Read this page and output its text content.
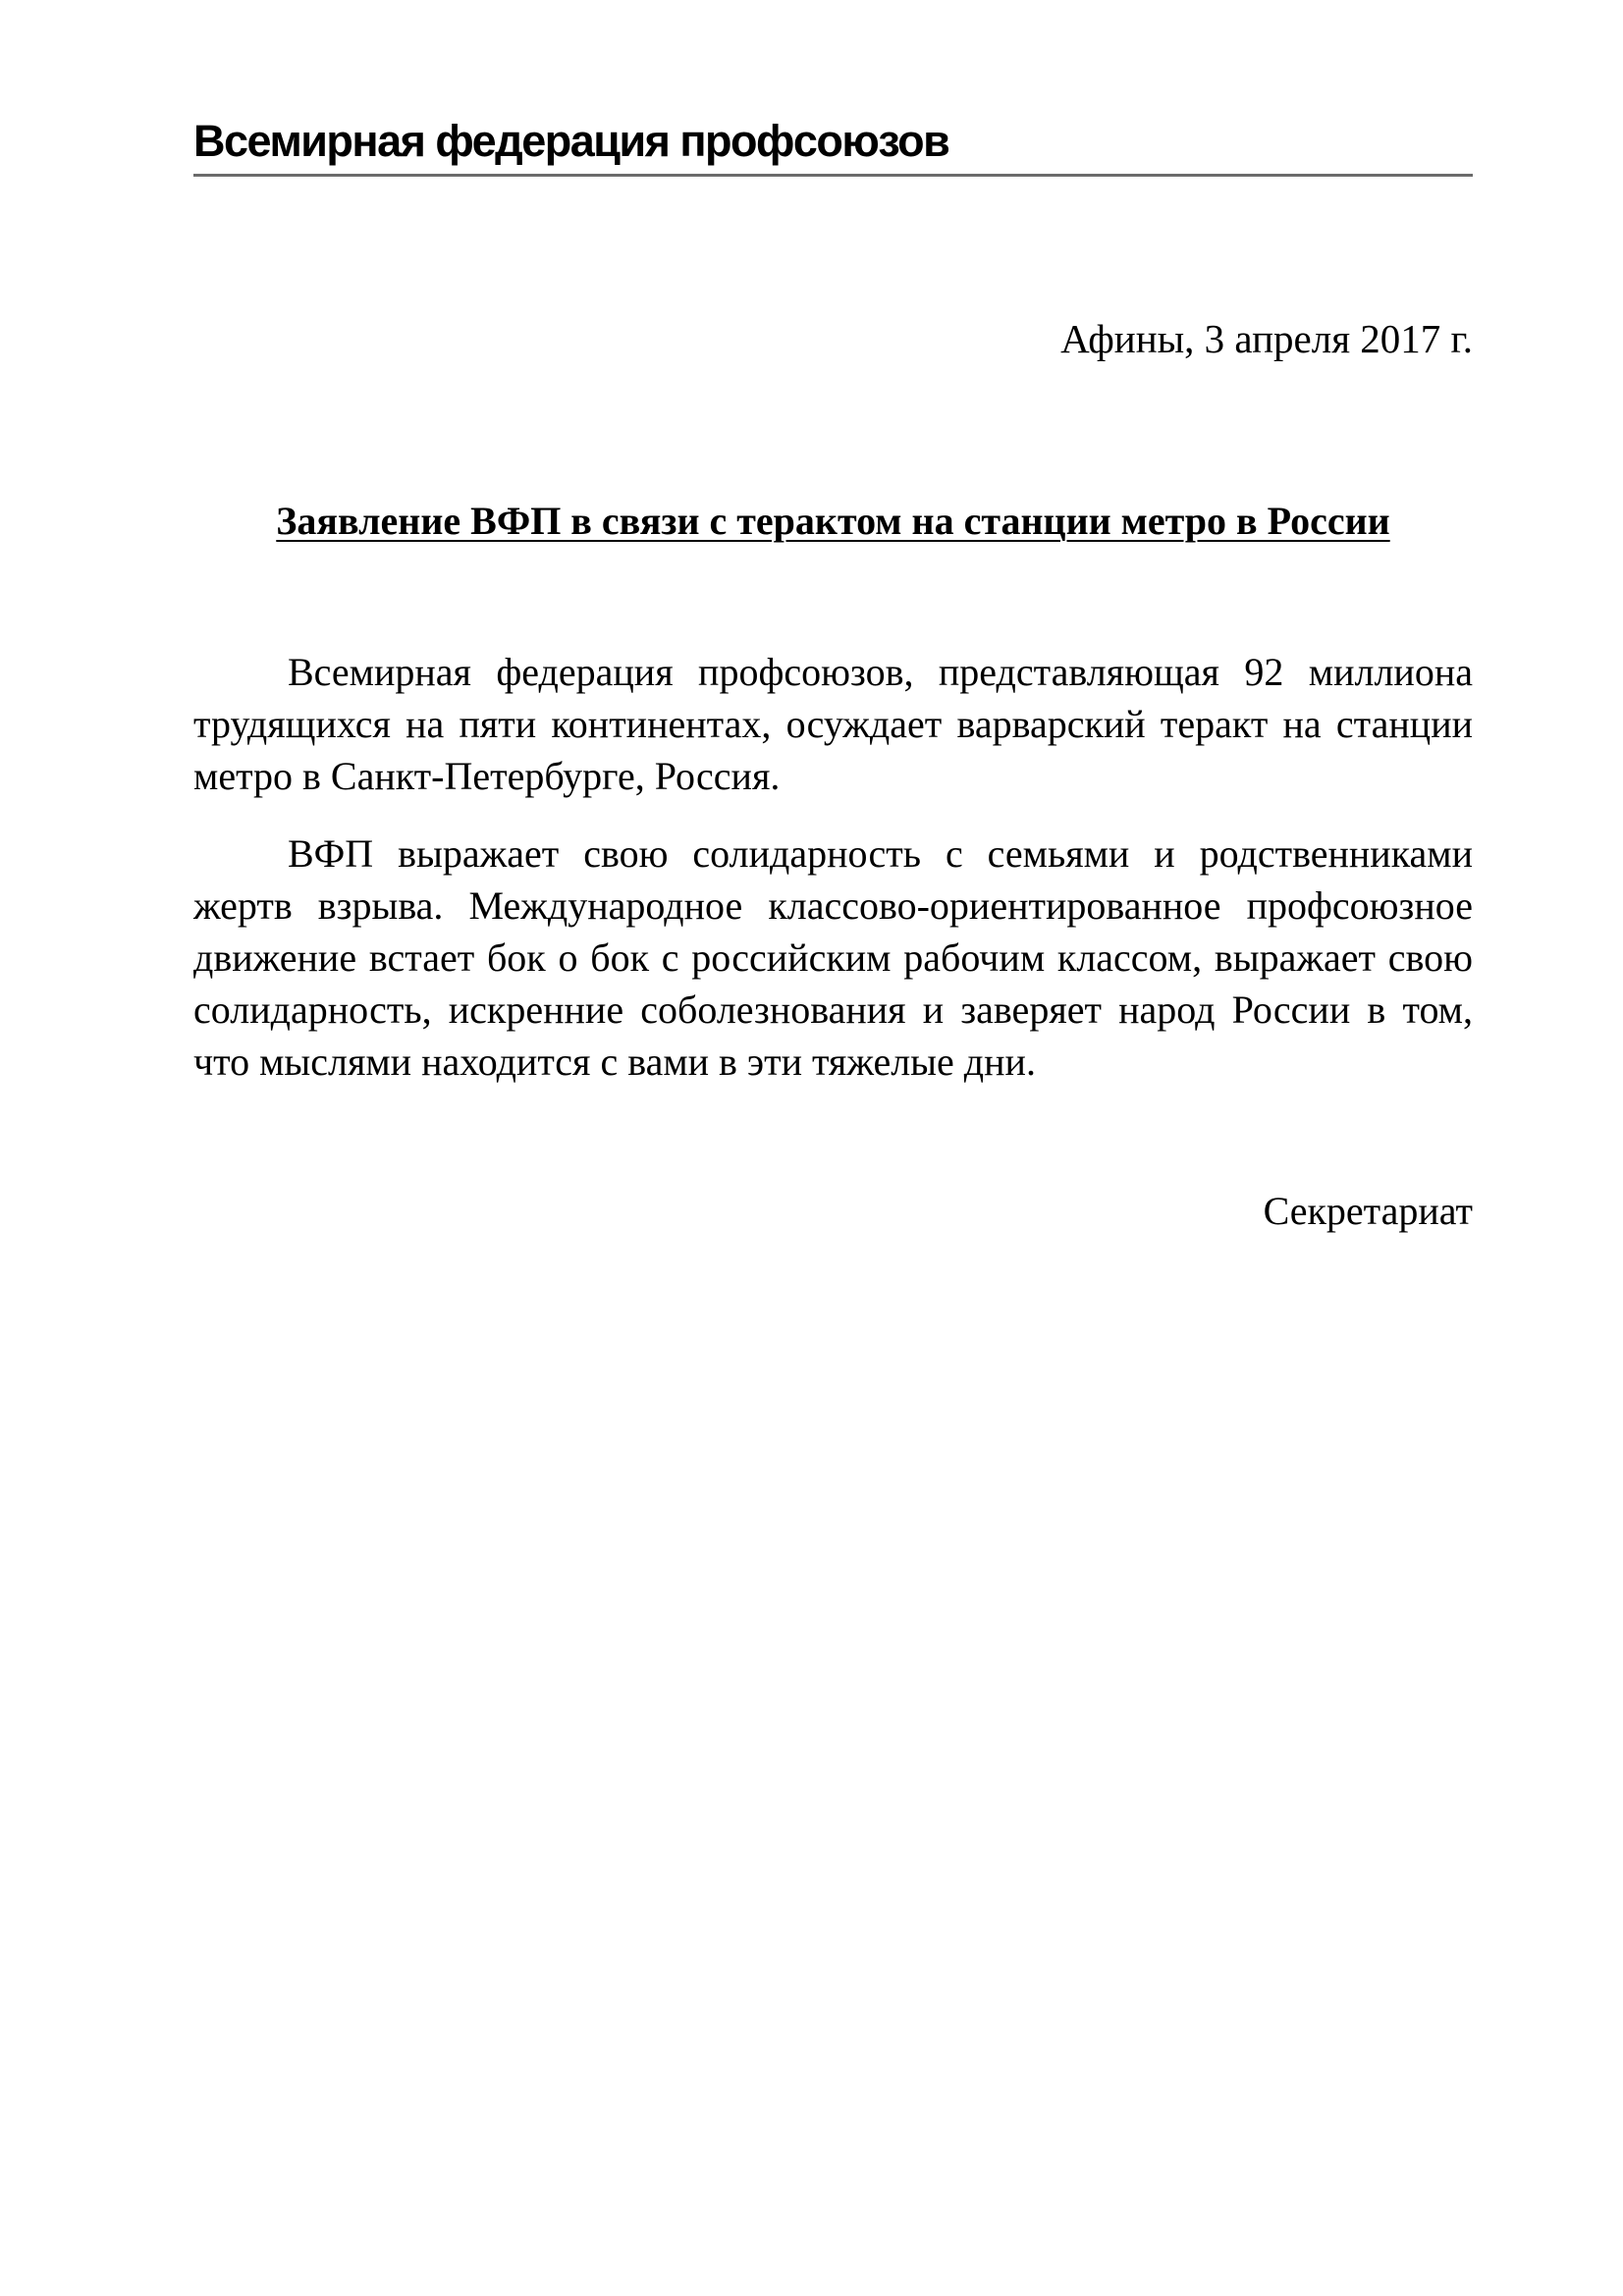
Всемирная федерация профсоюзов
Афины, 3 апреля 2017 г.
Заявление ВФП в связи с терактом на станции метро в России

Всемирная федерация профсоюзов, представляющая 92 миллиона трудящихся на пяти континентах, осуждает варварский теракт на станции метро в Санкт-Петербурге, Россия.

ВФП выражает свою солидарность с семьями и родственниками жертв взрыва. Международное классово-ориентированное профсоюзное движение встает бок о бок с российским рабочим классом, выражает свою солидарность, искренние соболезнования и заверяет народ России в том, что мыслями находится с вами в эти тяжелые дни.

Секретариат
